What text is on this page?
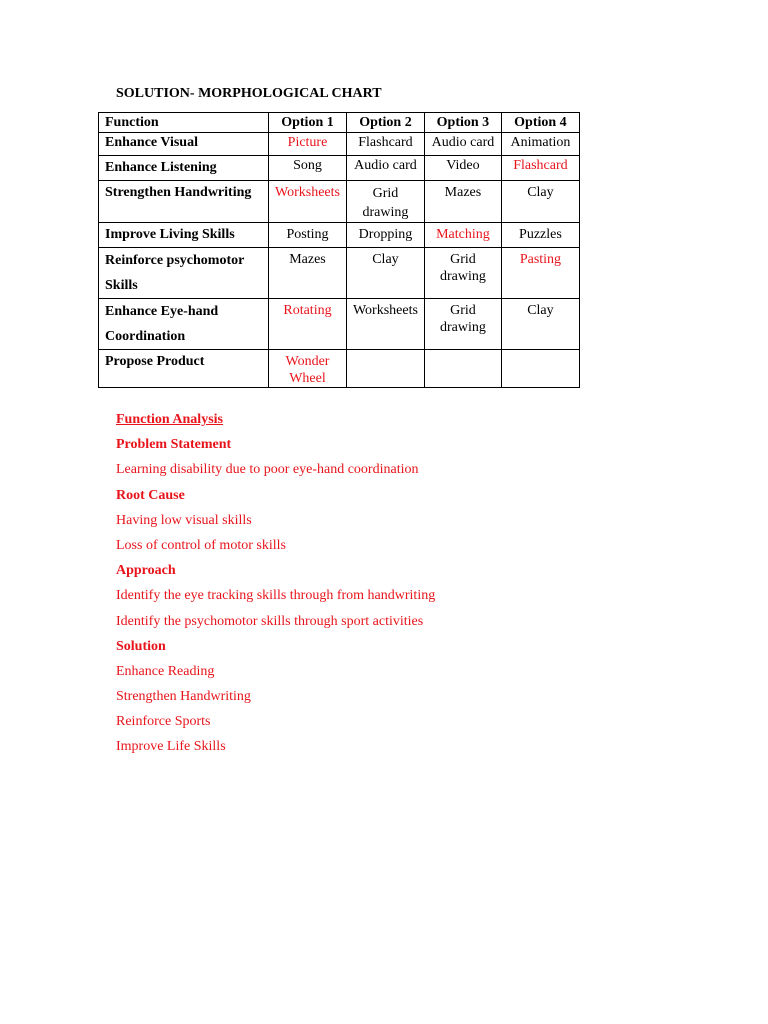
SOLUTION- MORPHOLOGICAL CHART
Function	Option 1	Option 2	Option 3	Option 4
Enhance Visual	Picture	Flashcard	Audio card	Animation
Enhance Listening	Song	Audio card	Video	Flashcard
Strengthen Handwriting	Worksheets	Grid drawing	Mazes	Clay
Improve Living Skills	Posting	Dropping	Matching	Puzzles
Reinforce psychomotor Skills	Mazes	Clay	Grid drawing	Pasting
Enhance Eye-hand Coordination	Rotating	Worksheets	Grid drawing	Clay
Propose Product	Wonder Wheel			
Function Analysis
Problem Statement
Learning disability due to poor eye-hand coordination
Root Cause
Having low visual skills
Loss of control of motor skills
Approach
Identify the eye tracking skills through from handwriting
Identify the psychomotor skills through sport activities
Solution
Enhance Reading
Strengthen Handwriting
Reinforce Sports
Improve Life Skills
